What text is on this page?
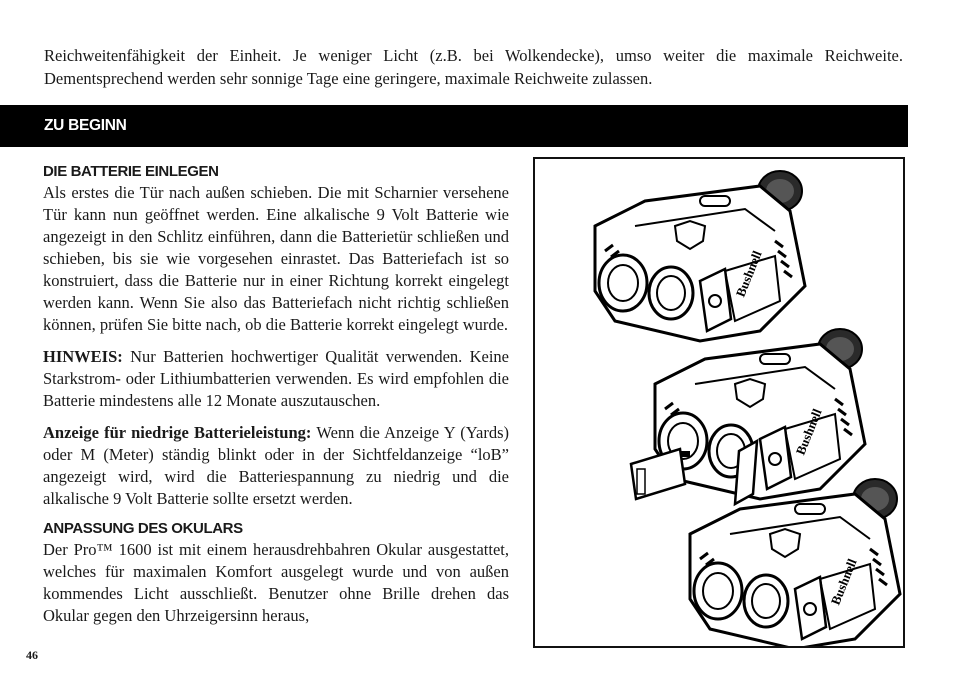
Reichweitenfähigkeit der Einheit. Je weniger Licht (z.B. bei Wolkendecke), umso weiter die maximale Reichweite. Dementsprechend werden sehr sonnige Tage eine geringere, maximale Reichweite zulassen.

ZU BEGINN
DIE BATTERIE EINLEGEN

Als erstes die Tür nach außen schieben. Die mit Scharnier versehene Tür kann nun geöffnet werden. Eine alkalische 9 Volt Batterie wie angezeigt in den Schlitz einführen, dann die Batterietür schließen und schieben, bis sie wie vorgesehen einrastet. Das Batteriefach ist so konstruiert, dass die Batterie nur in einer Richtung korrekt eingelegt werden kann. Wenn Sie also das Batteriefach nicht richtig schließen können, prüfen Sie bitte nach, ob die Batterie korrekt eingelegt wurde.

HINWEIS: Nur Batterien hochwertiger Qualität verwenden. Keine Starkstrom- oder Lithiumbatterien verwenden. Es wird empfohlen die Batterie mindestens alle 12 Monate auszutauschen.

Anzeige für niedrige Batterieleistung: Wenn die Anzeige Y (Yards) oder M (Meter) ständig blinkt oder in der Sichtfeldanzeige “loB” angezeigt wird, wird die Batteriespannung zu niedrig und die alkalische 9 Volt Batterie sollte ersetzt werden.

ANPASSUNG DES OKULARS

Der Pro™ 1600 ist mit einem herausdrehbahren Okular ausgestattet, welches für maximalen Komfort ausgelegt wurde und von außen kommendes Licht ausschließt. Benutzer ohne Brille drehen das Okular gegen den Uhrzeigersinn heraus,

46
Bushnell
Bushnell
Bushnell
